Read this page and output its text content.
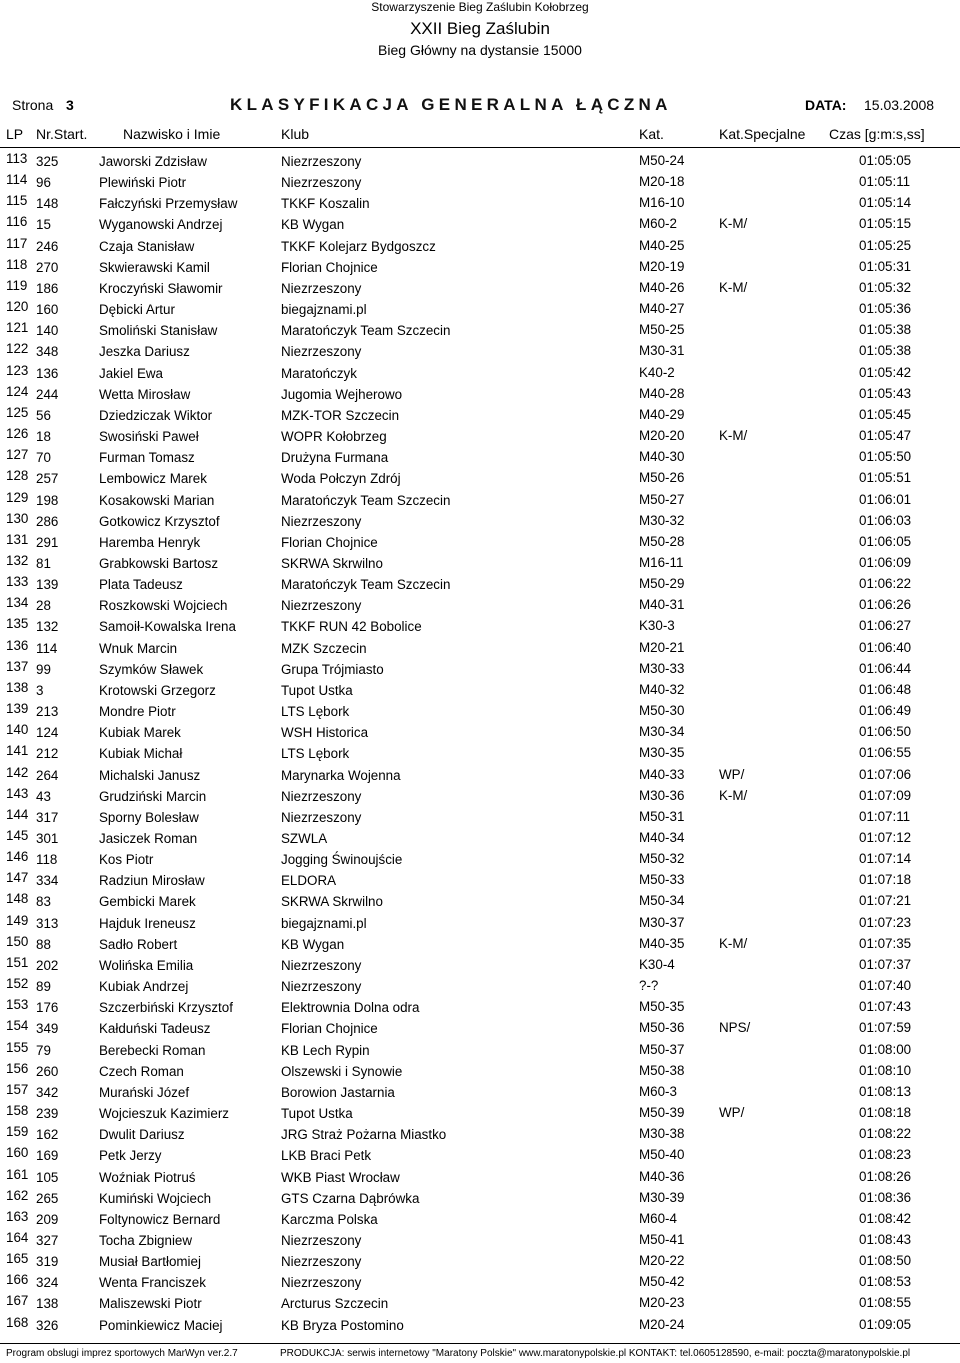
Stowarzyszenie Bieg Zaślubin Kołobrzeg
XXII Bieg Zaślubin
Bieg Główny na dystansie 15000
Strona 3	KLASYFIKACJA GENERALNA ŁĄCZNA	DATA: 15.03.2008
LP Nr.Start.	Nazwisko i Imie	Klub	Kat.	Kat.Specjalne Czas [g:m:s,ss]
113 325	Jaworski Zdzisław	Niezrzeszony	M50-24	01:05:05
114 96	Plewiński Piotr	Niezrzeszony	M20-18	01:05:11
115 148	Fałczyński Przemysław	TKKF Koszalin	M16-10	01:05:14
116 15	Wyganowski Andrzej	KB Wygan	M60-2	K-M/	01:05:15
117 246	Czaja Stanisław	TKKF Kolejarz Bydgoszcz	M40-25	01:05:25
118 270	Skwierawski Kamil	Florian Chojnice	M20-19	01:05:31
119 186	Kroczyński Sławomir	Niezrzeszony	M40-26	K-M/	01:05:32
120 160	Dębicki Artur	biegajznami.pl	M40-27	01:05:36
121 140	Smoliński Stanisław	Maratończyk Team Szczecin	M50-25	01:05:38
122 348	Jeszka Dariusz	Niezrzeszony	M30-31	01:05:38
123 136	Jakiel Ewa	Maratończyk	K40-2	01:05:42
124 244	Wetta Mirosław	Jugomia Wejherowo	M40-28	01:05:43
125 56	Dziedziczak Wiktor	MZK-TOR Szczecin	M40-29	01:05:45
126 18	Swosiński Paweł	WOPR Kołobrzeg	M20-20	K-M/	01:05:47
127 70	Furman Tomasz	Drużyna Furmana	M40-30	01:05:50
128 257	Lembowicz Marek	Woda Połczyn Zdrój	M50-26	01:05:51
129 198	Kosakowski Marian	Maratończyk Team Szczecin	M50-27	01:06:01
130 286	Gotkowicz Krzysztof	Niezrzeszony	M30-32	01:06:03
131 291	Haremba Henryk	Florian Chojnice	M50-28	01:06:05
132 81	Grabkowski Bartosz	SKRWA Skrwilno	M16-11	01:06:09
133 139	Plata Tadeusz	Maratończyk Team Szczecin	M50-29	01:06:22
134 28	Roszkowski Wojciech	Niezrzeszony	M40-31	01:06:26
135 132	Samoił-Kowalska Irena	TKKF RUN 42 Bobolice	K30-3	01:06:27
136 114	Wnuk Marcin	MZK Szczecin	M20-21	01:06:40
137 99	Szymków Sławek	Grupa Trójmiasto	M30-33	01:06:44
138 3	Krotowski Grzegorz	Tupot Ustka	M40-32	01:06:48
139 213	Mondre Piotr	LTS Lębork	M50-30	01:06:49
140 124	Kubiak Marek	WSH Historica	M30-34	01:06:50
141 212	Kubiak Michał	LTS Lębork	M30-35	01:06:55
142 264	Michalski Janusz	Marynarka Wojenna	M40-33	WP/	01:07:06
143 43	Grudziński Marcin	Niezrzeszony	M30-36	K-M/	01:07:09
144 317	Sporny Bolesław	Niezrzeszony	M50-31	01:07:11
145 301	Jasiczek Roman	SZWLA	M40-34	01:07:12
146 118	Kos Piotr	Jogging Świnoujście	M50-32	01:07:14
147 334	Radziun Mirosław	ELDORA	M50-33	01:07:18
148 83	Gembicki Marek	SKRWA Skrwilno	M50-34	01:07:21
149 313	Hajduk Ireneusz	biegajznami.pl	M30-37	01:07:23
150 88	Sadło Robert	KB Wygan	M40-35	K-M/	01:07:35
151 202	Wolińska Emilia	Niezrzeszony	K30-4	01:07:37
152 89	Kubiak Andrzej	Niezrzeszony	?-?	01:07:40
153 176	Szczerbiński Krzysztof	Elektrownia Dolna odra	M50-35	01:07:43
154 349	Kałduński Tadeusz	Florian Chojnice	M50-36	NPS/	01:07:59
155 79	Berebecki Roman	KB Lech Rypin	M50-37	01:08:00
156 260	Czech Roman	Olszewski i Synowie	M50-38	01:08:10
157 342	Murański Józef	Borowion Jastarnia	M60-3	01:08:13
158 239	Wojcieszuk Kazimierz	Tupot Ustka	M50-39	WP/	01:08:18
159 162	Dwulit Dariusz	JRG Straż Pożarna Miastko	M30-38	01:08:22
160 169	Petk Jerzy	LKB Braci Petk	M50-40	01:08:23
161 105	Woźniak Piotruś	WKB Piast Wrocław	M40-36	01:08:26
162 265	Kumiński Wojciech	GTS Czarna Dąbrówka	M30-39	01:08:36
163 209	Foltynowicz Bernard	Karczma Polska	M60-4	01:08:42
164 327	Tocha Zbigniew	Niezrzeszony	M50-41	01:08:43
165 319	Musiał Bartłomiej	Niezrzeszony	M20-22	01:08:50
166 324	Wenta Franciszek	Niezrzeszony	M50-42	01:08:53
167 138	Maliszewski Piotr	Arcturus Szczecin	M20-23	01:08:55
168 326	Pominkiewicz Maciej	KB Bryza Postomino	M20-24	01:09:05
Program obslugi imprez sportowych MarWyn ver.2.7	PRODUKCJA: serwis internetowy "Maratony Polskie" www.maratonypolskie.pl KONTAKT: tel.0605128590, e-mail: poczta@maratonypolskie.pl
